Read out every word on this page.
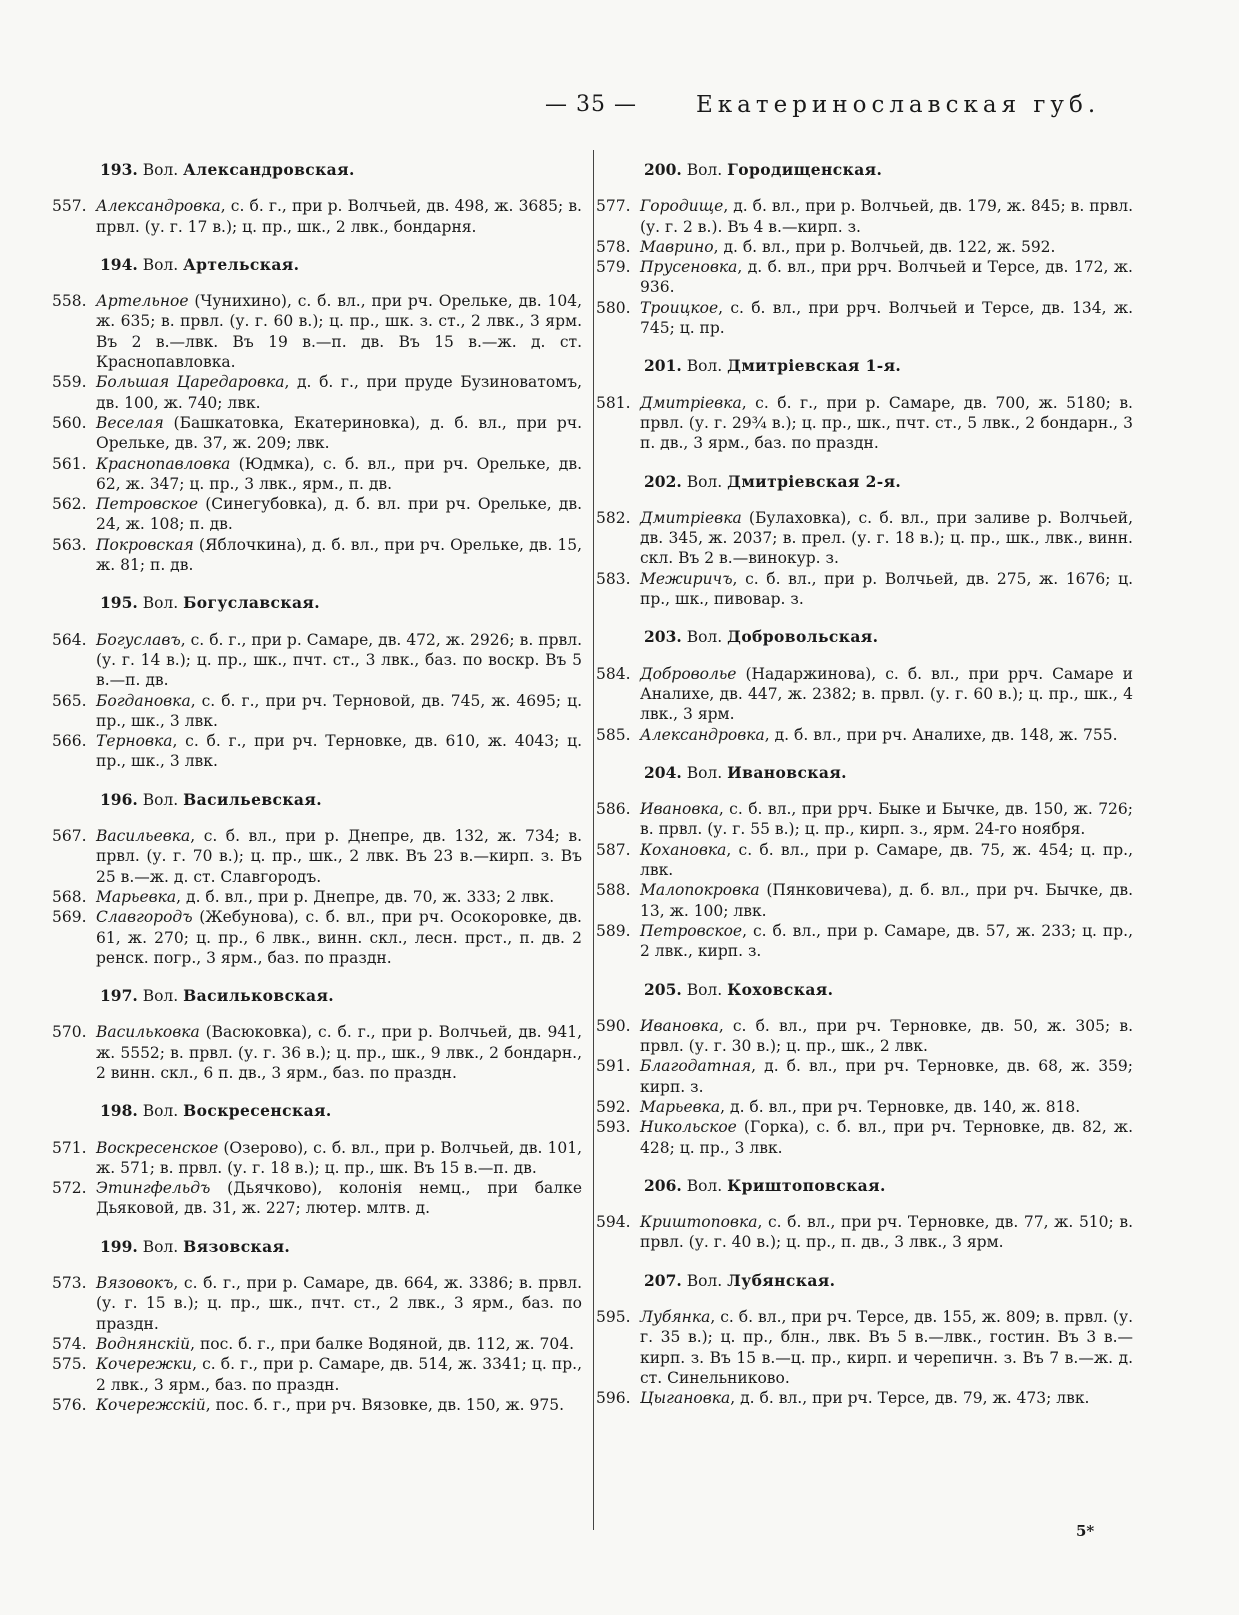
— 35 —	Екатеринославская губ.
193. Вол. Александровская.
557. Александровка, с. б. г., при р. Волчьей, дв. 498, ж. 3685; в. првл. (у. г. 17 в.); ц. пр., шк., 2 лвк., бондарня.
194. Вол. Артельская.
558. Артельное (Чунихино), с. б. вл., при рч. Орельке, дв. 104, ж. 635; в. првл. (у. г. 60 в.); ц. пр., шк. з. ст., 2 лвк., 3 ярм. Въ 2 в.—лвк. Въ 19 в.—п. дв. Въ 15 в.—ж. д. ст. Краснопавловка.
559. Большая Царедаровка, д. б. г., при пруде Бузиноватомъ, дв. 100, ж. 740; лвк.
560. Веселая (Башкатовка, Екатериновка), д. б. вл., при рч. Орельке, дв. 37, ж. 209; лвк.
561. Краснопавловка (Юдмка), с. б. вл., при рч. Орельке, дв. 62, ж. 347; ц. пр., 3 лвк., ярм., п. дв.
562. Петровское (Синегубовка), д. б. вл. при рч. Орельке, дв. 24, ж. 108; п. дв.
563. Покровская (Яблочкина), д. б. вл., при рч. Орельке, дв. 15, ж. 81; п. дв.
195. Вол. Богуславская.
564. Богуславъ, с. б. г., при р. Самаре, дв. 472, ж. 2926; в. првл. (у. г. 14 в.); ц. пр., шк., пчт. ст., 3 лвк., баз. по воскр. Въ 5 в.—п. дв.
565. Богдановка, с. б. г., при рч. Терновой, дв. 745, ж. 4695; ц. пр., шк., 3 лвк.
566. Терновка, с. б. г., при рч. Терновке, дв. 610, ж. 4043; ц. пр., шк., 3 лвк.
196. Вол. Васильевская.
567. Васильевка, с. б. вл., при р. Днепре, дв. 132, ж. 734; в. првл. (у. г. 70 в.); ц. пр., шк., 2 лвк. Въ 23 в.—кирп. з. Въ 25 в.—ж. д. ст. Славгородъ.
568. Марьевка, д. б. вл., при р. Днепре, дв. 70, ж. 333; 2 лвк.
569. Славгородъ (Жебунова), с. б. вл., при рч. Осокоровке, дв. 61, ж. 270; ц. пр., 6 лвк., винн. скл., лесн. прст., п. дв. 2 ренск. погр., 3 ярм., баз. по праздн.
197. Вол. Васильковская.
570. Васильковка (Васюковка), с. б. г., при р. Волчьей, дв. 941, ж. 5552; в. првл. (у. г. 36 в.); ц. пр., шк., 9 лвк., 2 бондарн., 2 винн. скл., 6 п. дв., 3 ярм., баз. по праздн.
198. Вол. Воскресенская.
571. Воскресенское (Озерово), с. б. вл., при р. Волчьей, дв. 101, ж. 571; в. првл. (у. г. 18 в.); ц. пр., шк. Въ 15 в.—п. дв.
572. Этингфельдъ (Дьячково), колонія немц., при балке Дьяковой, дв. 31, ж. 227; лютер. млтв. д.
199. Вол. Вязовская.
573. Вязовокъ, с. б. г., при р. Самаре, дв. 664, ж. 3386; в. првл. (у. г. 15 в.); ц. пр., шк., пчт. ст., 2 лвк., 3 ярм., баз. по праздн.
574. Воднянскій, пос. б. г., при балке Водяной, дв. 112, ж. 704.
575. Кочережки, с. б. г., при р. Самаре, дв. 514, ж. 3341; ц. пр., 2 лвк., 3 ярм., баз. по праздн.
576. Кочережскій, пос. б. г., при рч. Вязовке, дв. 150, ж. 975.
200. Вол. Городищенская.
577. Городище, д. б. вл., при р. Волчьей, дв. 179, ж. 845; в. првл. (у. г. 2 в.). Въ 4 в.—кирп. з.
578. Маврино, д. б. вл., при р. Волчьей, дв. 122, ж. 592.
579. Прусеновка, д. б. вл., при ррч. Волчьей и Терсе, дв. 172, ж. 936.
580. Троицкое, с. б. вл., при ррч. Волчьей и Терсе, дв. 134, ж. 745; ц. пр.
201. Вол. Дмитріевская 1-я.
581. Дмитріевка, с. б. г., при р. Самаре, дв. 700, ж. 5180; в. првл. (у. г. 29¾ в.); ц. пр., шк., пчт. ст., 5 лвк., 2 бондарн., 3 п. дв., 3 ярм., баз. по праздн.
202. Вол. Дмитріевская 2-я.
582. Дмитріевка (Булаховка), с. б. вл., при заливе р. Волчьей, дв. 345, ж. 2037; в. прел. (у. г. 18 в.); ц. пр., шк., лвк., винн. скл. Въ 2 в.—винокур. з.
583. Межиричъ, с. б. вл., при р. Волчьей, дв. 275, ж. 1676; ц. пр., шк., пивовар. з.
203. Вол. Добровольская.
584. Доброволье (Надаржинова), с. б. вл., при ррч. Самаре и Аналихе, дв. 447, ж. 2382; в. првл. (у. г. 60 в.); ц. пр., шк., 4 лвк., 3 ярм.
585. Александровка, д. б. вл., при рч. Аналихе, дв. 148, ж. 755.
204. Вол. Ивановская.
586. Ивановка, с. б. вл., при ррч. Быке и Бычке, дв. 150, ж. 726; в. првл. (у. г. 55 в.); ц. пр., кирп. з., ярм. 24-го ноября.
587. Кохановка, с. б. вл., при р. Самаре, дв. 75, ж. 454; ц. пр., лвк.
588. Малопокровка (Пянковичева), д. б. вл., при рч. Бычке, дв. 13, ж. 100; лвк.
589. Петровское, с. б. вл., при р. Самаре, дв. 57, ж. 233; ц. пр., 2 лвк., кирп. з.
205. Вол. Коховская.
590. Ивановка, с. б. вл., при рч. Терновке, дв. 50, ж. 305; в. првл. (у. г. 30 в.); ц. пр., шк., 2 лвк.
591. Благодатная, д. б. вл., при рч. Терновке, дв. 68, ж. 359; кирп. з.
592. Марьевка, д. б. вл., при рч. Терновке, дв. 140, ж. 818.
593. Никольское (Горка), с. б. вл., при рч. Терновке, дв. 82, ж. 428; ц. пр., 3 лвк.
206. Вол. Криштоповская.
594. Криштоповка, с. б. вл., при рч. Терновке, дв. 77, ж. 510; в. првл. (у. г. 40 в.); ц. пр., п. дв., 3 лвк., 3 ярм.
207. Вол. Лубянская.
595. Лубянка, с. б. вл., при рч. Терсе, дв. 155, ж. 809; в. првл. (у. г. 35 в.); ц. пр., блн., лвк. Въ 5 в.—лвк., гостин. Въ 3 в.—кирп. з. Въ 15 в.—ц. пр., кирп. и черепичн. з. Въ 7 в.—ж. д. ст. Синельниково.
596. Цыгановка, д. б. вл., при рч. Терсе, дв. 79, ж. 473; лвк.
5*
